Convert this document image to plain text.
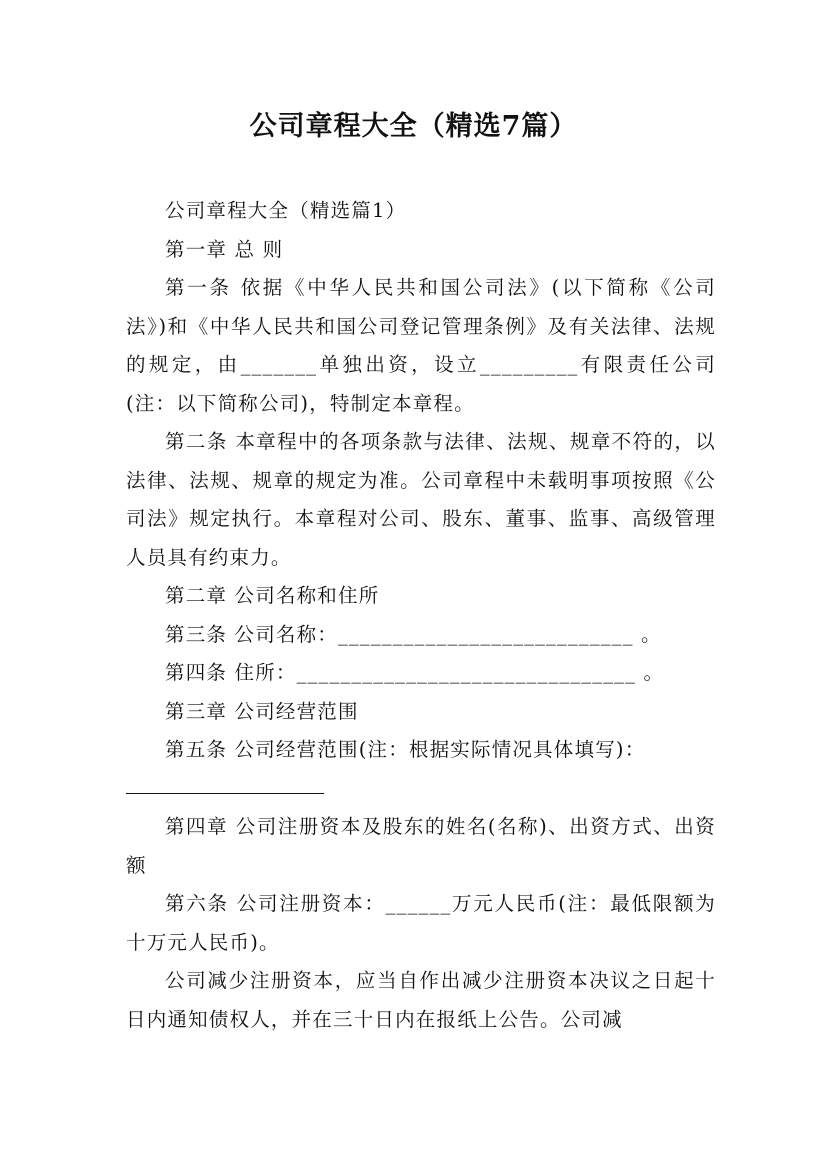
公司章程大全（精选7篇）

公司章程大全（精选篇1）

第一章 总 则

第一条 依据《中华人民共和国公司法》(以下简称《公司法》)和《中华人民共和国公司登记管理条例》及有关法律、法规的规定，由_______单独出资，设立_________有限责任公司(注：以下简称公司)，特制定本章程。

第二条 本章程中的各项条款与法律、法规、规章不符的，以法律、法规、规章的规定为准。公司章程中未载明事项按照《公司法》规定执行。本章程对公司、股东、董事、监事、高级管理人员具有约束力。

第二章 公司名称和住所

第三条 公司名称：___________________________ 。

第四条 住所：_______________________________ 。

第三章 公司经营范围

第五条 公司经营范围(注：根据实际情况具体填写)：

第四章 公司注册资本及股东的姓名(名称)、出资方式、出资额

第六条 公司注册资本：______万元人民币(注：最低限额为十万元人民币)。

公司减少注册资本，应当自作出减少注册资本决议之日起十日内通知债权人，并在三十日内在报纸上公告。公司减
